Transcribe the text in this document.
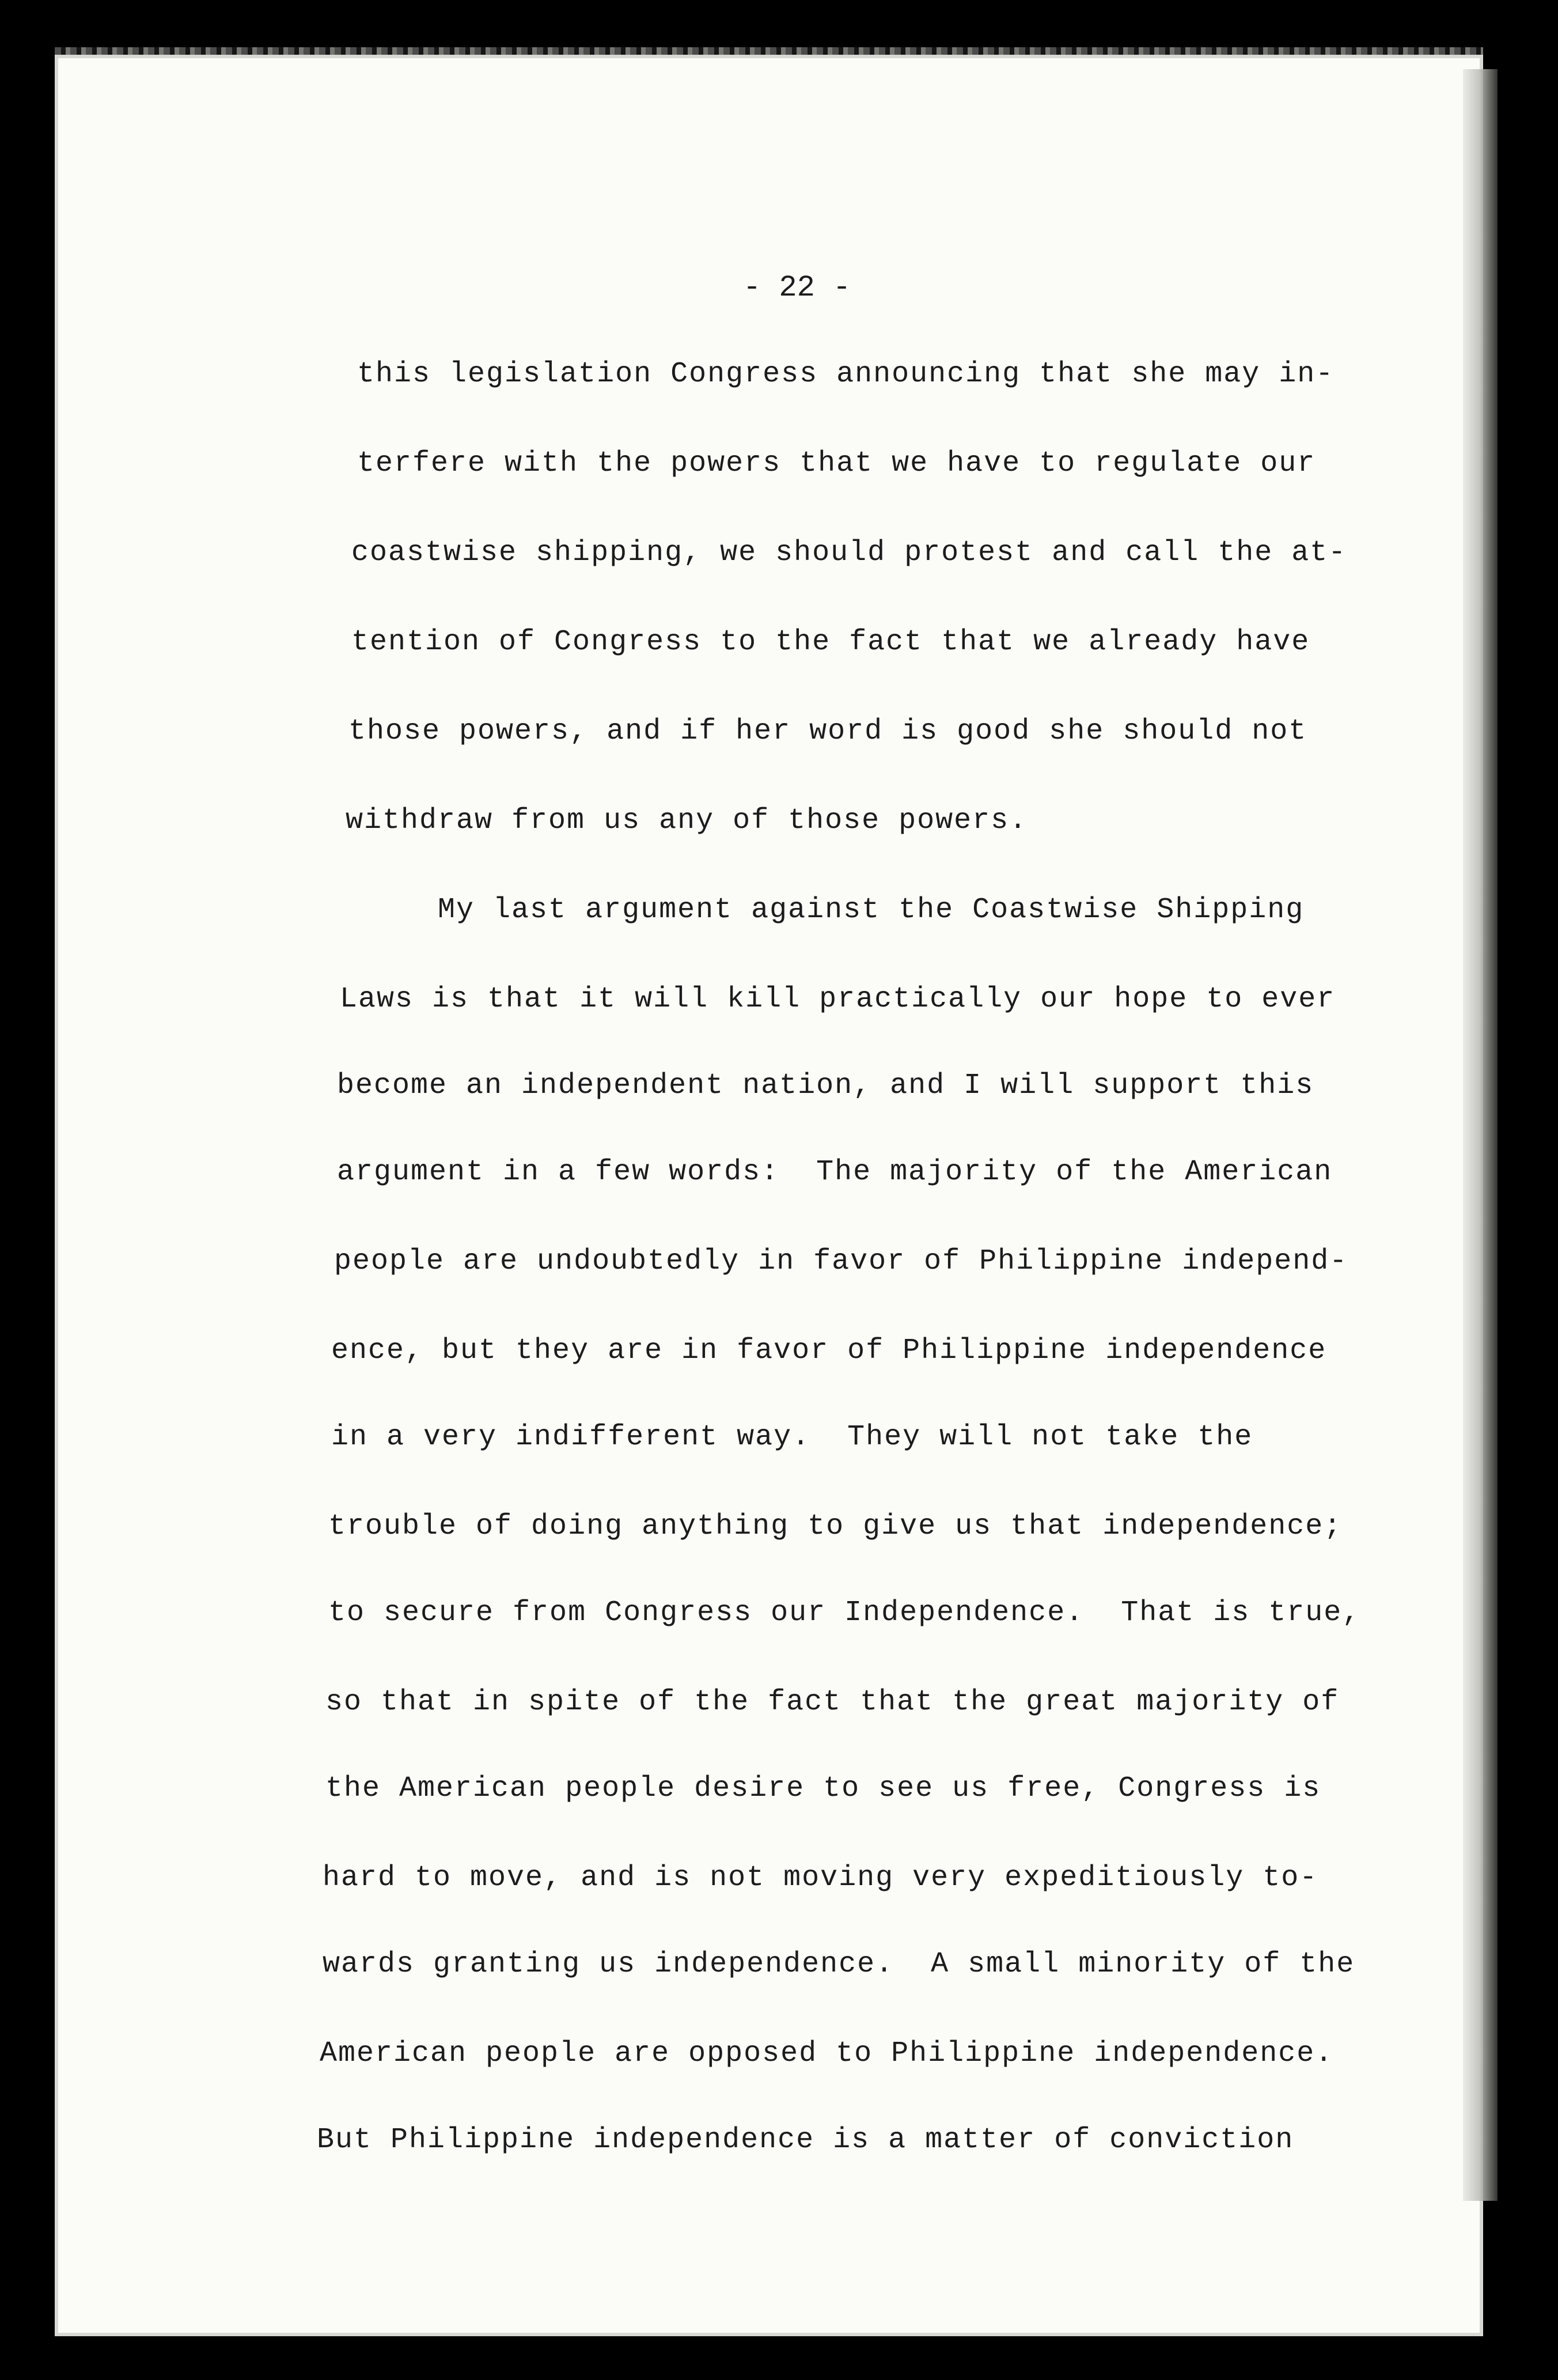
- 22 -
this legislation Congress announcing that she may in-
terfere with the powers that we have to regulate our
coastwise shipping, we should protest and call the at-
tention of Congress to the fact that we already have
those powers, and if her word is good she should not
withdraw from us any of those powers.
My last argument against the Coastwise Shipping
Laws is that it will kill practically our hope to ever
become an independent nation, and I will support this
argument in a few words:  The majority of the American
people are undoubtedly in favor of Philippine independ-
ence, but they are in favor of Philippine independence
in a very indifferent way.  They will not take the
trouble of doing anything to give us that independence;
to secure from Congress our Independence.  That is true,
so that in spite of the fact that the great majority of
the American people desire to see us free, Congress is
hard to move, and is not moving very expeditiously to-
wards granting us independence.  A small minority of the
American people are opposed to Philippine independence.
But Philippine independence is a matter of conviction
